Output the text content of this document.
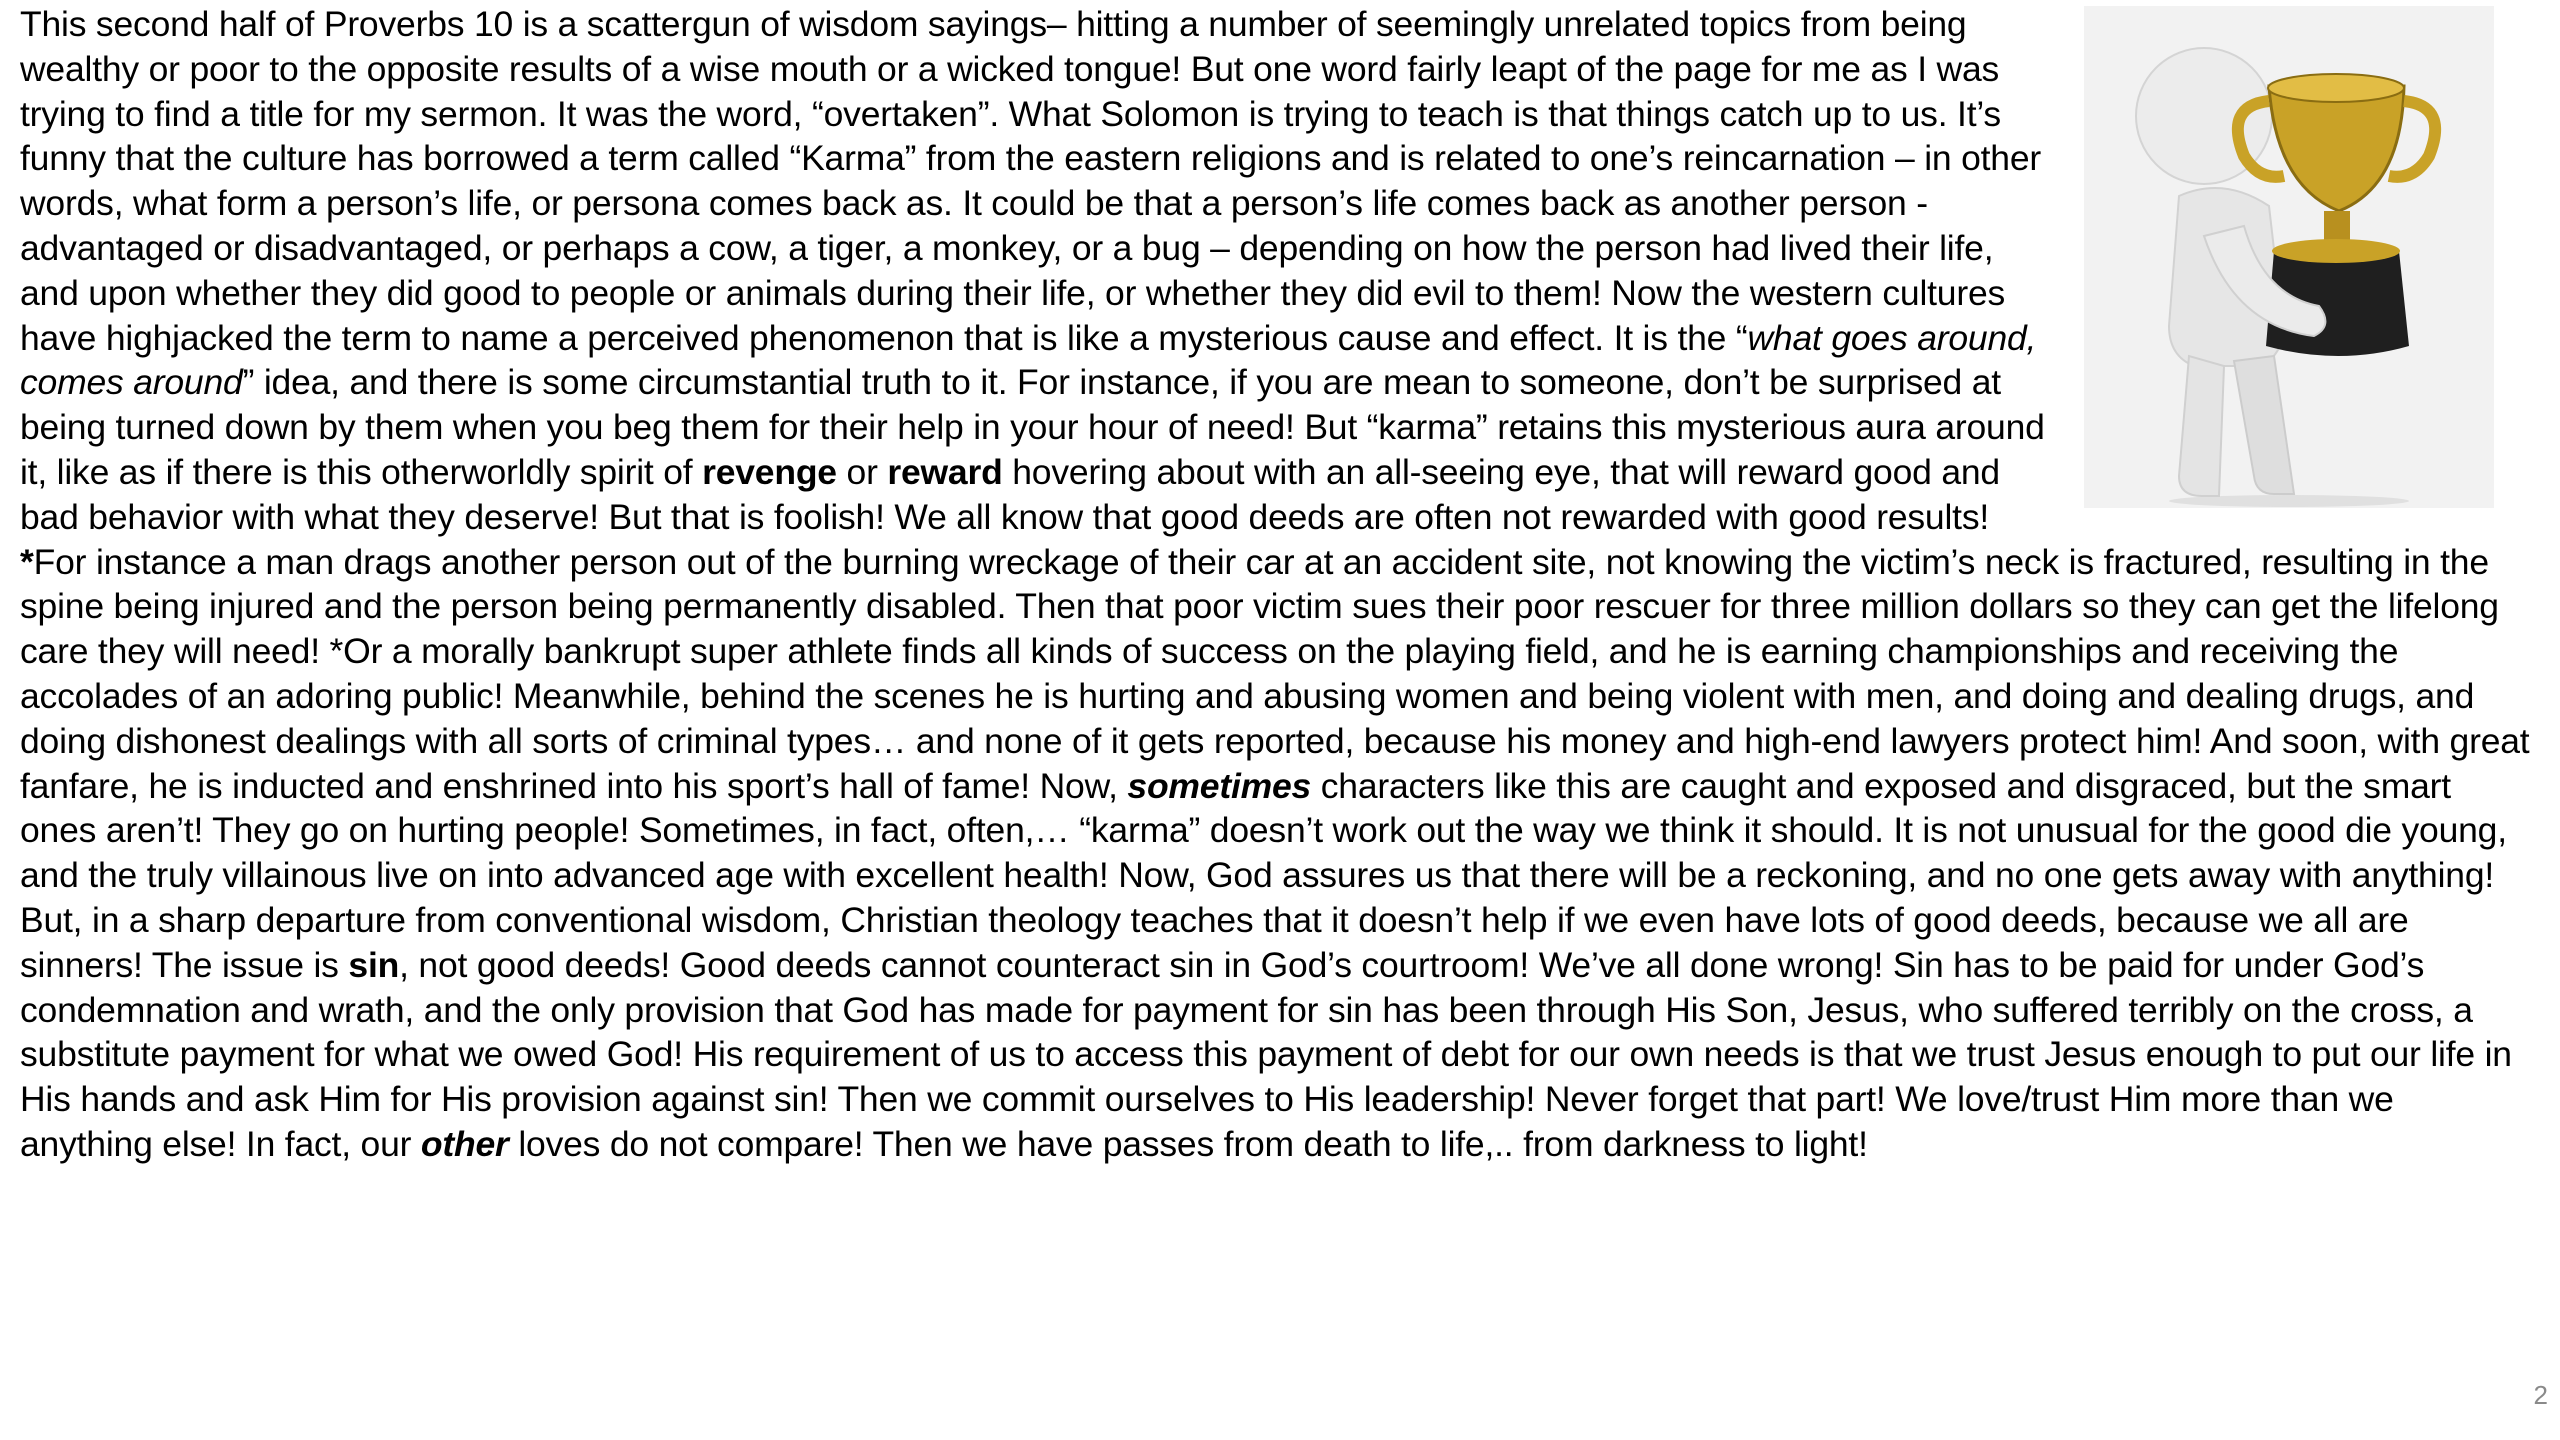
This second half of Proverbs 10 is a scattergun of wisdom sayings– hitting a number of seemingly unrelated topics from being wealthy or poor to the opposite results of a wise mouth or a wicked tongue! But one word fairly leapt of the page for me as I was trying to find a title for my sermon. It was the word, “overtaken”. What Solomon is trying to teach is that things catch up to us. It’s funny that the culture has borrowed a term called “Karma” from the eastern religions and is related to one’s reincarnation – in other words, what form a person’s life, or persona comes back as. It could be that a person’s life comes back as another person - advantaged or disadvantaged, or perhaps a cow, a tiger, a monkey, or a bug – depending on how the person had lived their life, and upon whether they did good to people or animals during their life, or whether they did evil to them! Now the western cultures have highjacked the term to name a perceived phenomenon that is like a mysterious cause and effect. It is the “what goes around, comes around” idea, and there is some circumstantial truth to it. For instance, if you are mean to someone, don’t be surprised at being turned down by them when you beg them for their help in your hour of need! But “karma” retains this mysterious aura around it, like as if there is this otherworldly spirit of revenge or reward hovering about with an all-seeing eye, that will reward good and bad behavior with what they deserve! But that is foolish! We all know that good deeds are often not rewarded with good results! *For instance a man drags another person out of the burning wreckage of their car at an accident site, not knowing the victim’s neck is fractured, resulting in the spine being injured and the person being permanently disabled. Then that poor victim sues their poor rescuer for three million dollars so they can get the lifelong care they will need! *Or a morally bankrupt super athlete finds all kinds of success on the playing field, and he is earning championships and receiving the accolades of an adoring public! Meanwhile, behind the scenes he is hurting and abusing women and being violent with men, and doing and dealing drugs, and doing dishonest dealings with all sorts of criminal types… and none of it gets reported, because his money and high-end lawyers protect him! And soon, with great fanfare, he is inducted and enshrined into his sport’s hall of fame! Now, sometimes characters like this are caught and exposed and disgraced, but the smart ones aren’t! They go on hurting people! Sometimes, in fact, often,… “karma” doesn’t work out the way we think it should. It is not unusual for the good die young, and the truly villainous live on into advanced age with excellent health! Now, God assures us that there will be a reckoning, and no one gets away with anything!

But, in a sharp departure from conventional wisdom, Christian theology teaches that it doesn’t help if we even have lots of good deeds, because we all are sinners! The issue is sin, not good deeds! Good deeds cannot counteract sin in God’s courtroom! We’ve all done wrong! Sin has to be paid for under God’s condemnation and wrath, and the only provision that God has made for payment for sin has been through His Son, Jesus, who suffered terribly on the cross, a substitute payment for what we owed God! His requirement of us to access this payment of debt for our own needs is that we trust Jesus enough to put our life in His hands and ask Him for His provision against sin! Then we commit ourselves to His leadership! Never forget that part! We love/trust Him more than we anything else! In fact, our other loves do not compare! Then we have passes from death to life,.. from darkness to light!

2
